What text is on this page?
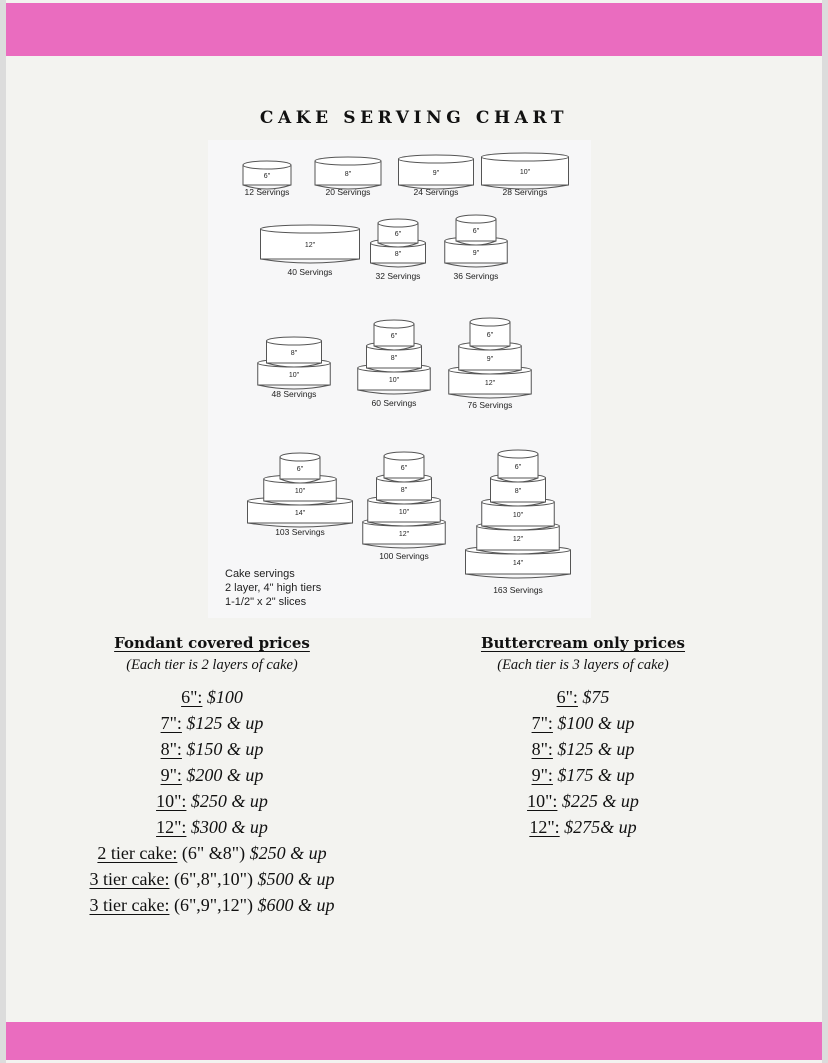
CAKE SERVING CHART
6"
12 Servings
8"
20 Servings
9"
24 Servings
10"
28 Servings
12"
40 Servings
8"
6"
32 Servings
9"
6"
36 Servings
10"
8"
48 Servings
10"
8"
6"
60 Servings
12"
9"
6"
76 Servings
14"
10"
6"
103 Servings	12"
10"
8"
6"
100 Servings
14"
12"
10"
8"
6"
163 Servings
Cake servings
2 layer, 4" high tiers
1-1/2" x 2" slices
Fondant covered prices
(Each tier is 2 layers of cake)
6": $100
7": $125 & up
8": $150 & up
9": $200 & up
10": $250 & up
12": $300 & up
2 tier cake: (6" &8") $250 & up
3 tier cake: (6",8",10") $500 & up
3 tier cake: (6",9",12") $600 & up
Buttercream only prices
(Each tier is 3 layers of cake)
6": $75
7": $100 & up
8": $125 & up
9": $175 & up
10": $225 & up
12": $275& up
